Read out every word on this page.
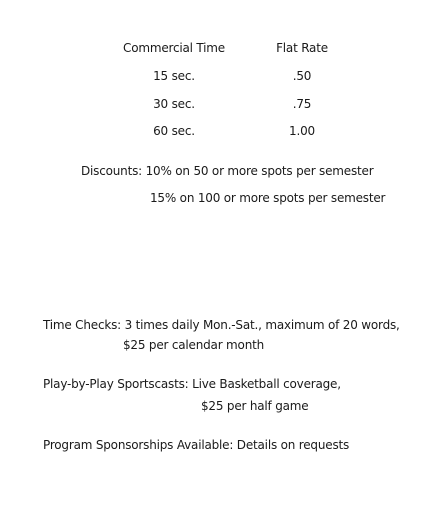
Commercial Time	Flat Rate
15 sec.	.50
30 sec.	.75
60 sec.	1.00
Discounts: 10% on 50 or more spots per semester
15% on 100 or more spots per semester
Time Checks: 3 times daily Mon.-Sat., maximum of 20 words,
$25 per calendar month
Play-by-Play Sportscasts: Live Basketball coverage,
$25 per half game
Program Sponsorships Available: Details on requests
